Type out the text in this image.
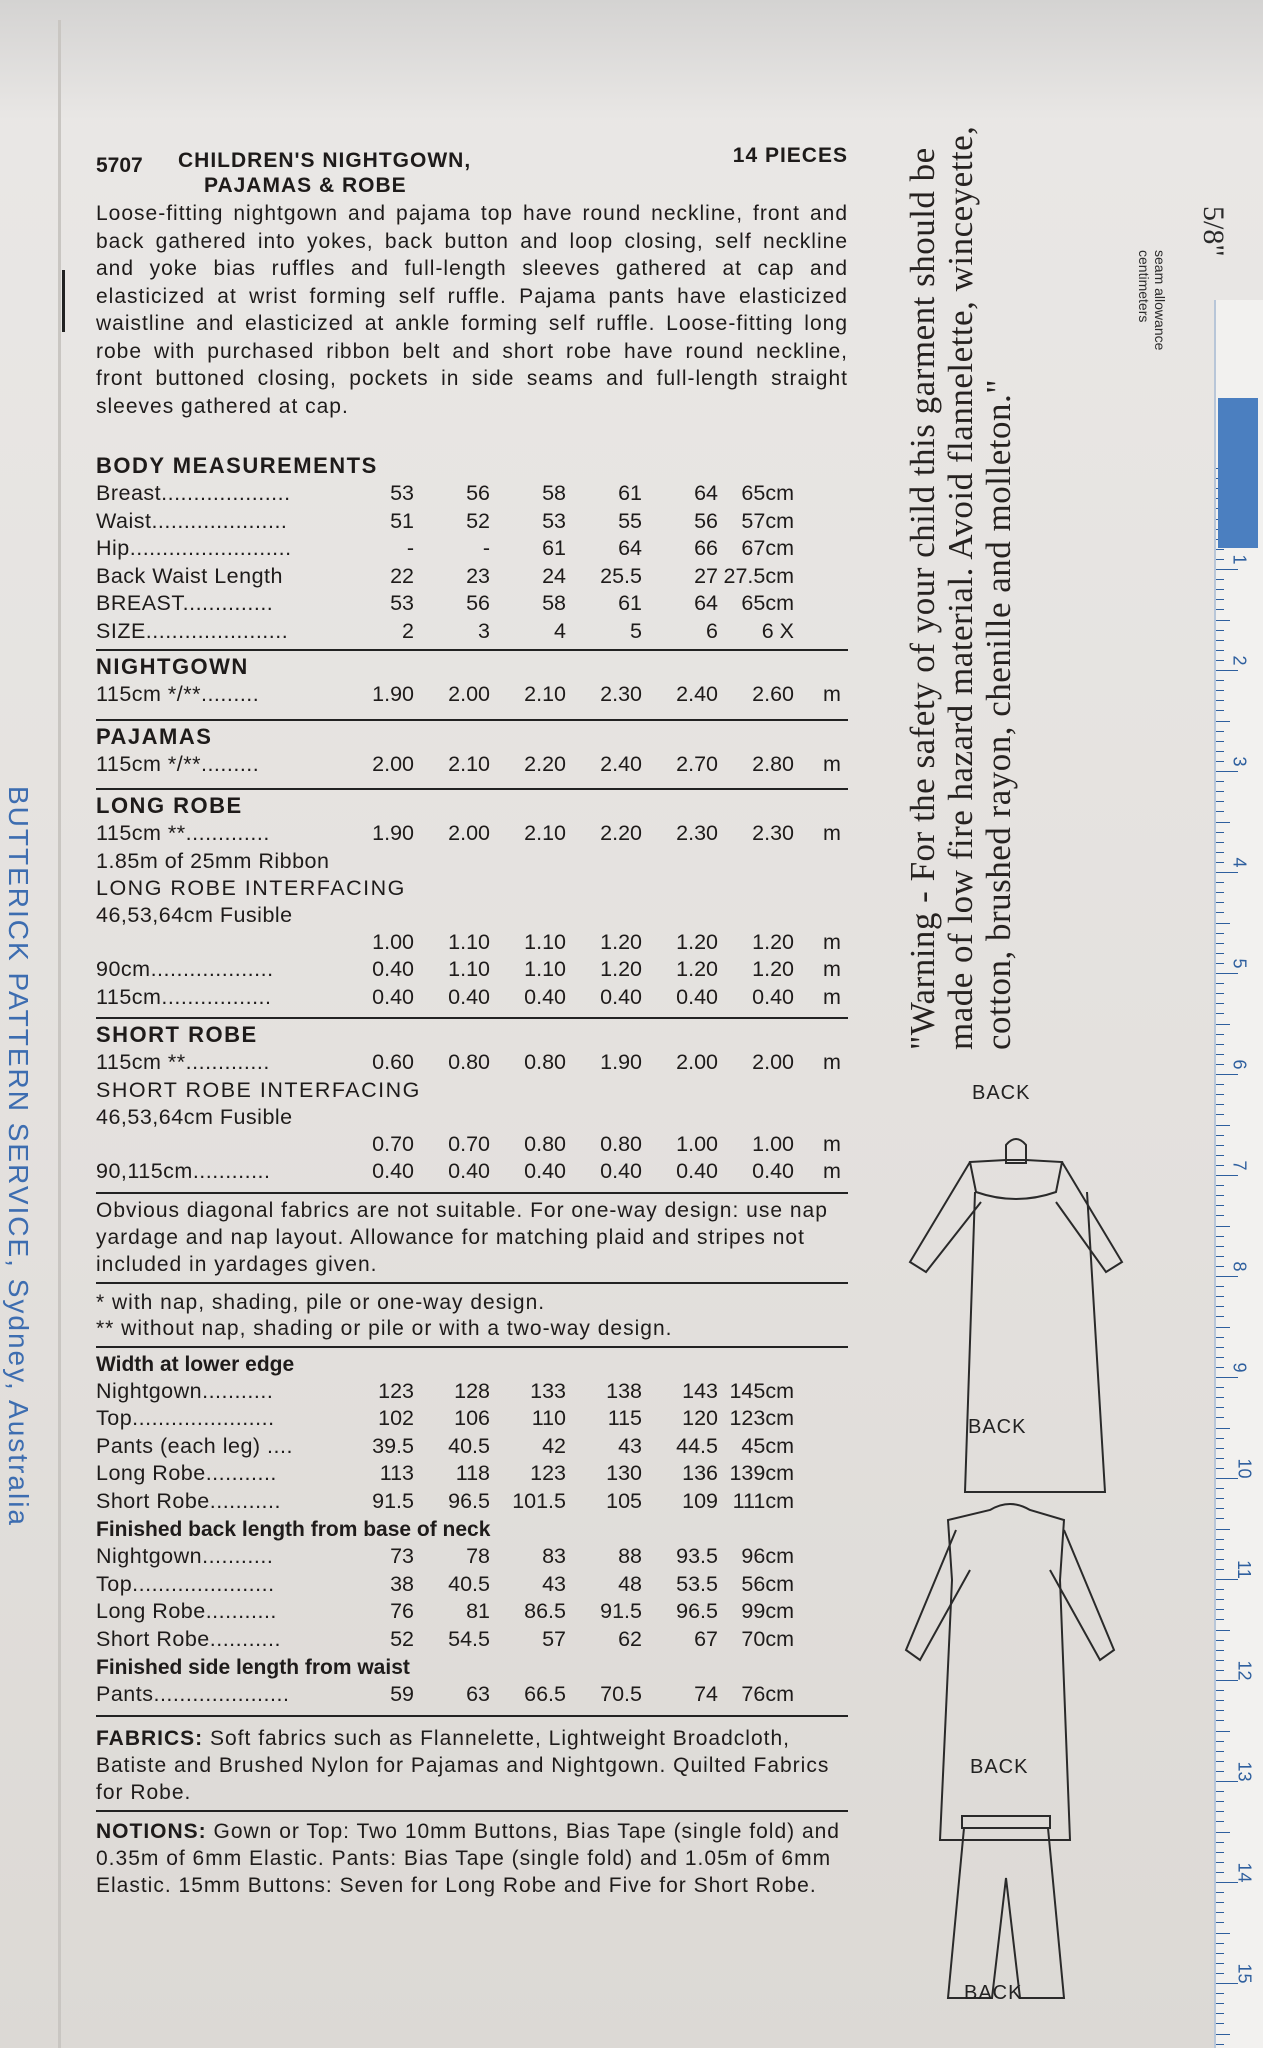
BUTTERICK PATTERN SERVICE, Sydney, Australia
5707 CHILDREN'S NIGHTGOWN,
PAJAMAS & ROBE
14 PIECES
Loose-fitting nightgown and pajama top have round neckline, front and back gathered into yokes, back button and loop closing, self neckline and yoke bias ruffles and full-length sleeves gathered at cap and elasticized at wrist forming self ruffle. Pajama pants have elasticized waistline and elasticized at ankle forming self ruffle. Loose-fitting long robe with purchased ribbon belt and short robe have round neckline, front buttoned closing, pockets in side seams and full-length straight sleeves gathered at cap.
BODY MEASUREMENTS
Breast....................	53	56	58	61	64	65cm
Waist.....................	51	52	53	55	56	57cm
Hip.........................	-	-	61	64	66	67cm
Back Waist Length	22	23	24	25.5	27 27.5cm
BREAST..............	53	56	58	61	64	65cm
SIZE......................	2	3	4	5	6	6 X
NIGHTGOWN
115cm */**.........	1.90	2.00	2.10	2.30	2.40	2.60	m
PAJAMAS
115cm */**.........	2.00	2.10	2.20	2.40	2.70	2.80	m
LONG ROBE
115cm **.............	1.90	2.00	2.10	2.20	2.30	2.30	m
1.85m of 25mm Ribbon
LONG ROBE INTERFACING
46,53,64cm Fusible
1.00	1.10	1.10	1.20	1.20	1.20	m
90cm...................	0.40	1.10	1.10	1.20	1.20	1.20	m
115cm.................	0.40	0.40	0.40	0.40	0.40	0.40	m
SHORT ROBE
115cm **.............	0.60	0.80	0.80	1.90	2.00	2.00	m
SHORT ROBE INTERFACING
46,53,64cm Fusible
0.70	0.70	0.80	0.80	1.00	1.00	m
90,115cm............	0.40	0.40	0.40	0.40	0.40	0.40	m
Obvious diagonal fabrics are not suitable. For one-way design: use nap yardage and nap layout. Allowance for matching plaid and stripes not included in yardages given.
* with nap, shading, pile or one-way design.
** without nap, shading or pile or with a two-way design.
Width at lower edge
Nightgown...........	123	128	133	138	143 145cm
Top......................	102	106	110	115	120 123cm
Pants (each leg) ....	39.5	40.5	42	43	44.5	45cm
Long Robe...........	113	118	123	130	136 139cm
Short Robe...........	91.5	96.5	101.5	105	109 111cm
Finished back length from base of neck
Nightgown...........	73	78	83	88	93.5	96cm
Top......................	38	40.5	43	48	53.5	56cm
Long Robe...........	76	81	86.5	91.5	96.5	99cm
Short Robe...........	52	54.5	57	62	67	70cm
Finished side length from waist
Pants.....................	59	63	66.5	70.5	74	76cm
FABRICS: Soft fabrics such as Flannelette, Lightweight Broadcloth, Batiste and Brushed Nylon for Pajamas and Nightgown. Quilted Fabrics for Robe.
NOTIONS: Gown or Top: Two 10mm Buttons, Bias Tape (single fold) and 0.35m of 6mm Elastic. Pants: Bias Tape (single fold) and 1.05m of 6mm Elastic. 15mm Buttons: Seven for Long Robe and Five for Short Robe.
"Warning - For the safety of your child this garment should be made of low fire hazard material. Avoid flannelette, winceyette, cotton, brushed rayon, chenille and molleton."
BACK
BACK
BACK
BACK
5/8"
seam allowance
centimeters
1
2
3
4
5
6
7
8
9
10
11
12
13
14
15
